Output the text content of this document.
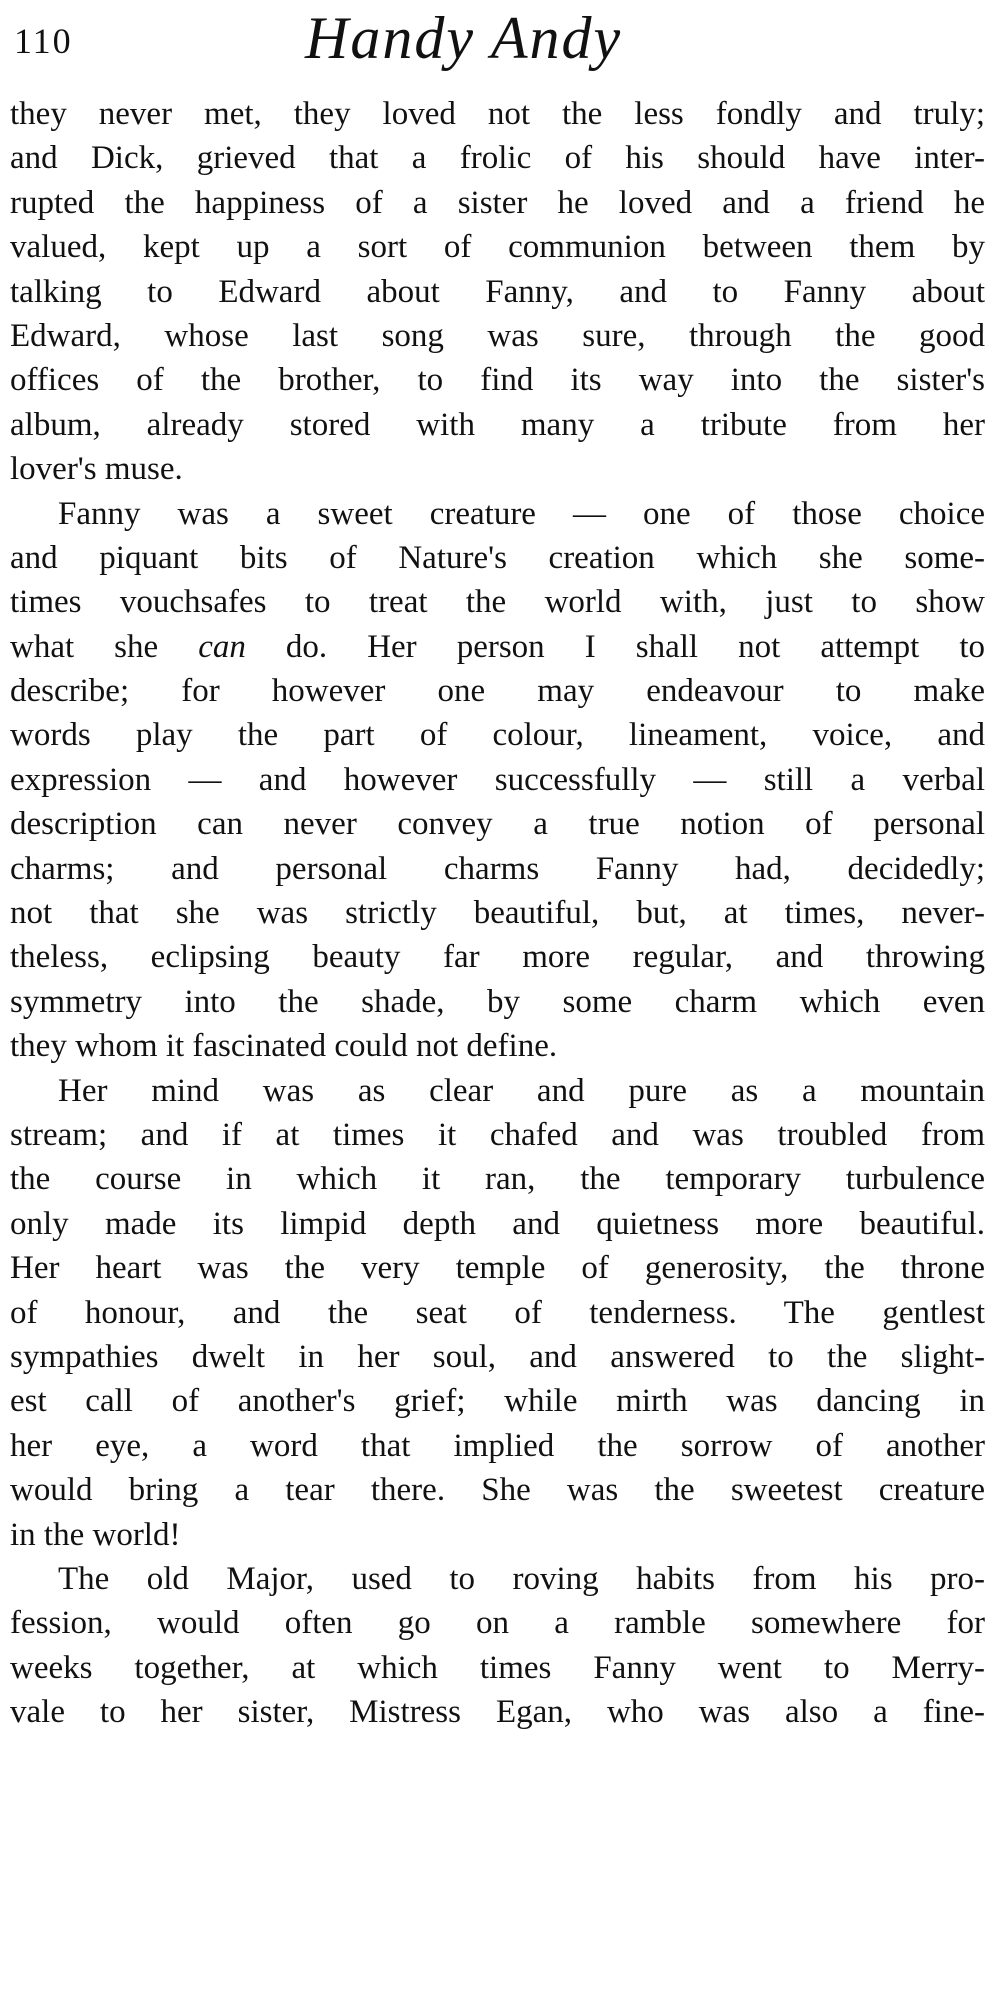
110	Handy Andy
they never met, they loved not the less fondly and truly;
and Dick, grieved that a frolic of his should have inter-
rupted the happiness of a sister he loved and a friend he
valued, kept up a sort of communion between them by
talking to Edward about Fanny, and to Fanny about
Edward, whose last song was sure, through the good
offices of the brother, to find its way into the sister's
album, already stored with many a tribute from her
lover's muse.
Fanny was a sweet creature — one of those choice
and piquant bits of Nature's creation which she some-
times vouchsafes to treat the world with, just to show
what she can do. Her person I shall not attempt to
describe; for however one may endeavour to make
words play the part of colour, lineament, voice, and
expression — and however successfully — still a verbal
description can never convey a true notion of personal
charms; and personal charms Fanny had, decidedly;
not that she was strictly beautiful, but, at times, never-
theless, eclipsing beauty far more regular, and throwing
symmetry into the shade, by some charm which even
they whom it fascinated could not define.
Her mind was as clear and pure as a mountain
stream; and if at times it chafed and was troubled from
the course in which it ran, the temporary turbulence
only made its limpid depth and quietness more beautiful.
Her heart was the very temple of generosity, the throne
of honour, and the seat of tenderness. The gentlest
sympathies dwelt in her soul, and answered to the slight-
est call of another's grief; while mirth was dancing in
her eye, a word that implied the sorrow of another
would bring a tear there. She was the sweetest creature
in the world!
The old Major, used to roving habits from his pro-
fession, would often go on a ramble somewhere for
weeks together, at which times Fanny went to Merry-
vale to her sister, Mistress Egan, who was also a fine-
